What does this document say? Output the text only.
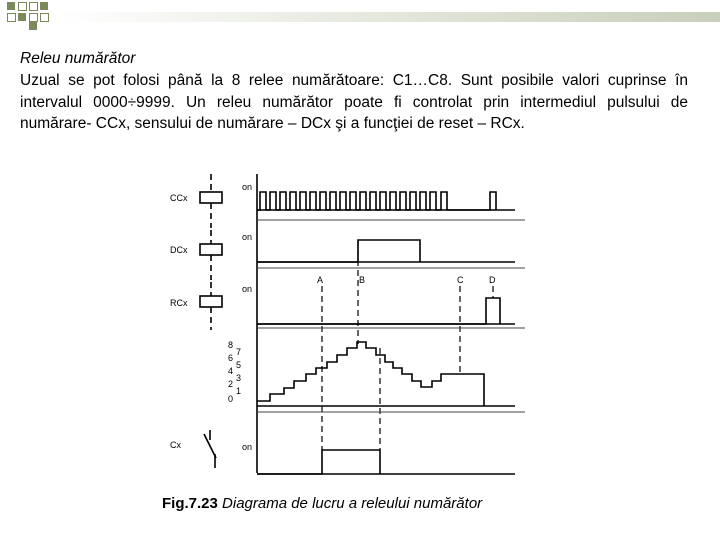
Releu numărător
Uzual se pot folosi până la 8 relee numărătoare: C1…C8. Sunt posibile valori cuprinse în intervalul 0000÷9999. Un releu numărător poate fi controlat prin intermediul pulsului de numărare- CCx, sensului de numărare – DCx şi a funcţiei de reset – RCx.
CCx
DCx
RCx
Cx
on
on
on
on
A	B	C	D
8
6
4
2
0
7
5
3
1
Fig.7.23 Diagrama de lucru a releului numărător
